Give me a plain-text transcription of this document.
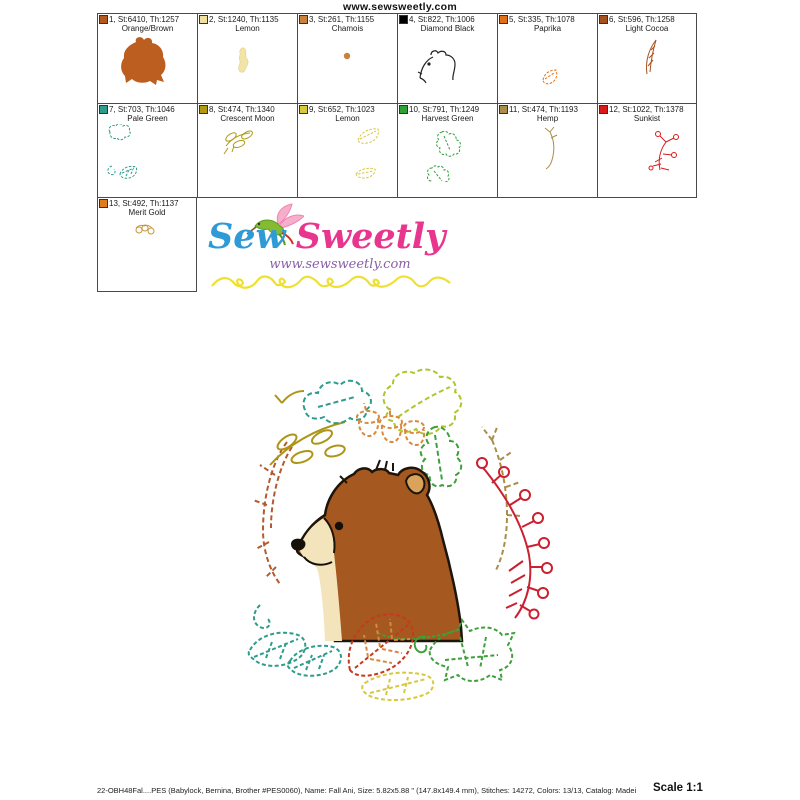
www.sewsweetly.com
1, St:6410, Th:1257
Orange/Brown
2, St:1240, Th:1135
Lemon
3, St:261, Th:1155
Chamois
4, St:822, Th:1006
Diamond Black
5, St:335, Th:1078
Paprika
6, St:596, Th:1258
Light Cocoa
7, St:703, Th:1046
Pale Green
8, St:474, Th:1340
Crescent Moon
9, St:652, Th:1023
Lemon
10, St:791, Th:1249
Harvest Green
11, St:474, Th:1193
Hemp
12, St:1022, Th:1378
Sunkist
13, St:492, Th:1137
Merit Gold
Sew Sweetly
www.sewsweetly.com
22-OBH48Fal....PES (Babylock, Bernina, Brother #PES0060), Name: Fall Ani, Size: 5.82x5.88 " (147.8x149.4 mm), Stitches: 14272, Colors: 13/13, Catalog: Madei	Scale 1:1
